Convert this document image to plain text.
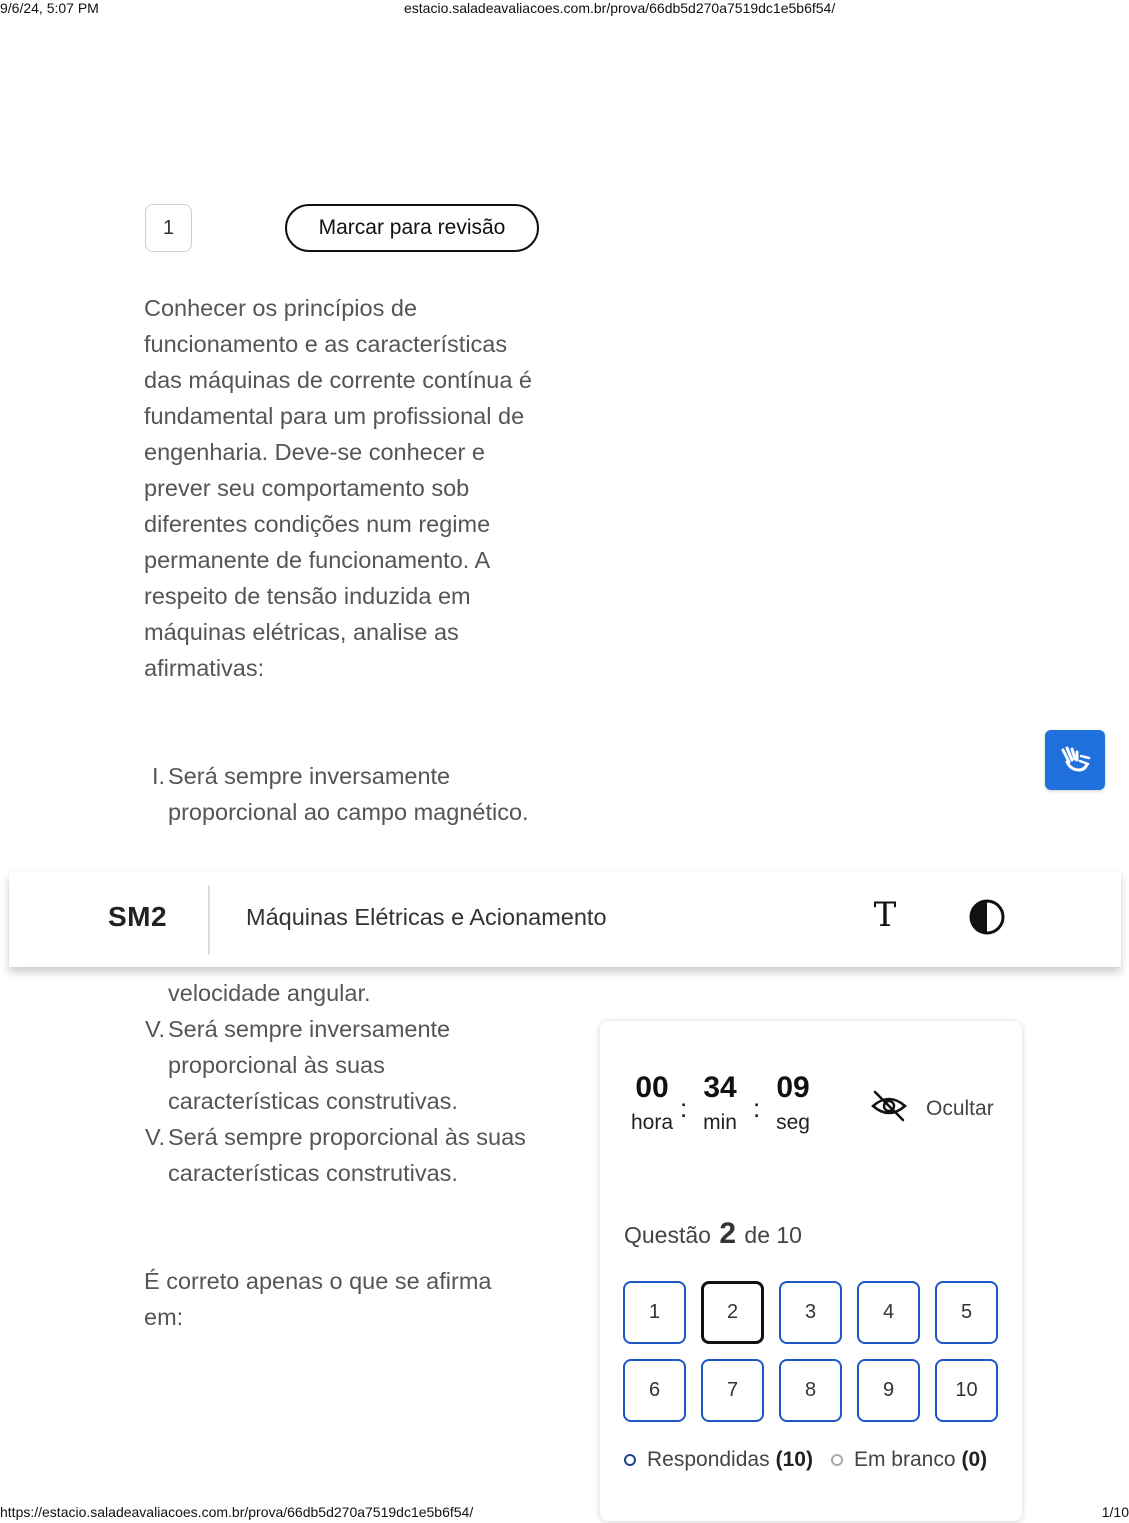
9/6/24, 5:07 PM	estacio.saladeavaliacoes.com.br/prova/66db5d270a7519dc1e5b6f54/
1	Marcar para revisão
Conhecer os princípios de funcionamento e as características das máquinas de corrente contínua é fundamental para um profissional de engenharia. Deve-se conhecer e prever seu comportamento sob diferentes condições num regime permanente de funcionamento. A respeito de tensão induzida em máquinas elétricas, analise as afirmativas:
I. Será sempre inversamente proporcional ao campo magnético.
velocidade angular.
V. Será sempre inversamente proporcional às suas características construtivas.
V. Será sempre proporcional às suas características construtivas.
É correto apenas o que se afirma em:
SM2	Máquinas Elétricas e Acionamento	T
00
hora :
34
min :
09
seg
Ocultar
Questão 2 de 10
1	2	3	4	5
6	7	8	9	10
Respondidas (10) Em branco (0)
https://estacio.saladeavaliacoes.com.br/prova/66db5d270a7519dc1e5b6f54/	1/10
